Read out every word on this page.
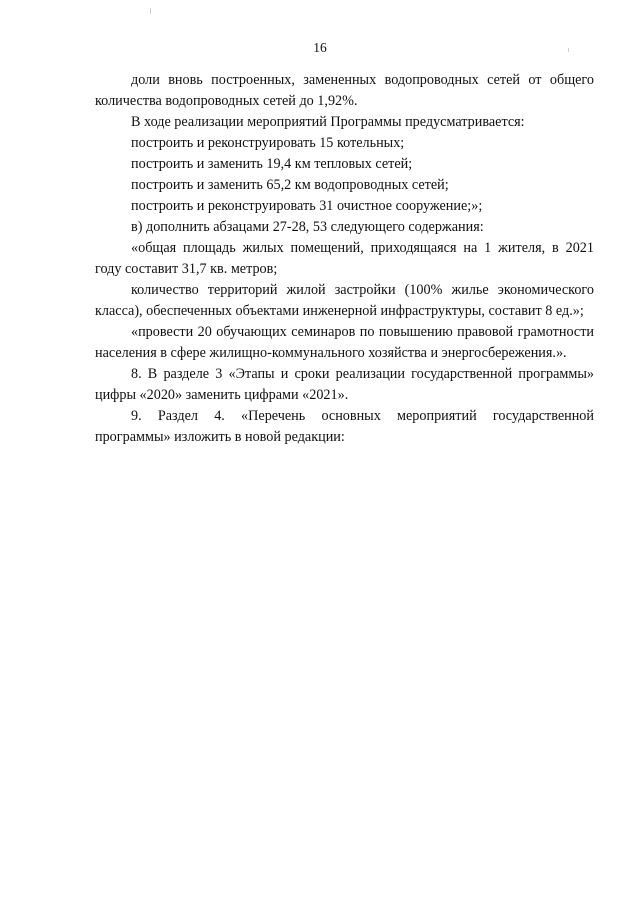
16

доли вновь построенных, замененных водопроводных сетей от общего количества водопроводных сетей до 1,92%.

В ходе реализации мероприятий Программы предусматривается:

построить и реконструировать 15 котельных;

построить и заменить 19,4 км тепловых сетей;

построить и заменить 65,2 км водопроводных сетей;

построить и реконструировать 31 очистное сооружение;»;

в) дополнить абзацами 27-28, 53 следующего содержания:

«общая площадь жилых помещений, приходящаяся на 1 жителя, в 2021 году составит 31,7 кв. метров;

количество территорий жилой застройки (100% жилье экономического класса), обеспеченных объектами инженерной инфраструктуры, составит 8 ед.»;

«провести 20 обучающих семинаров по повышению правовой грамотности населения в сфере жилищно-коммунального хозяйства и энергосбережения.».

8. В разделе 3 «Этапы и сроки реализации государственной программы» цифры «2020» заменить цифрами «2021».

9. Раздел 4. «Перечень основных мероприятий государственной программы» изложить в новой редакции:
